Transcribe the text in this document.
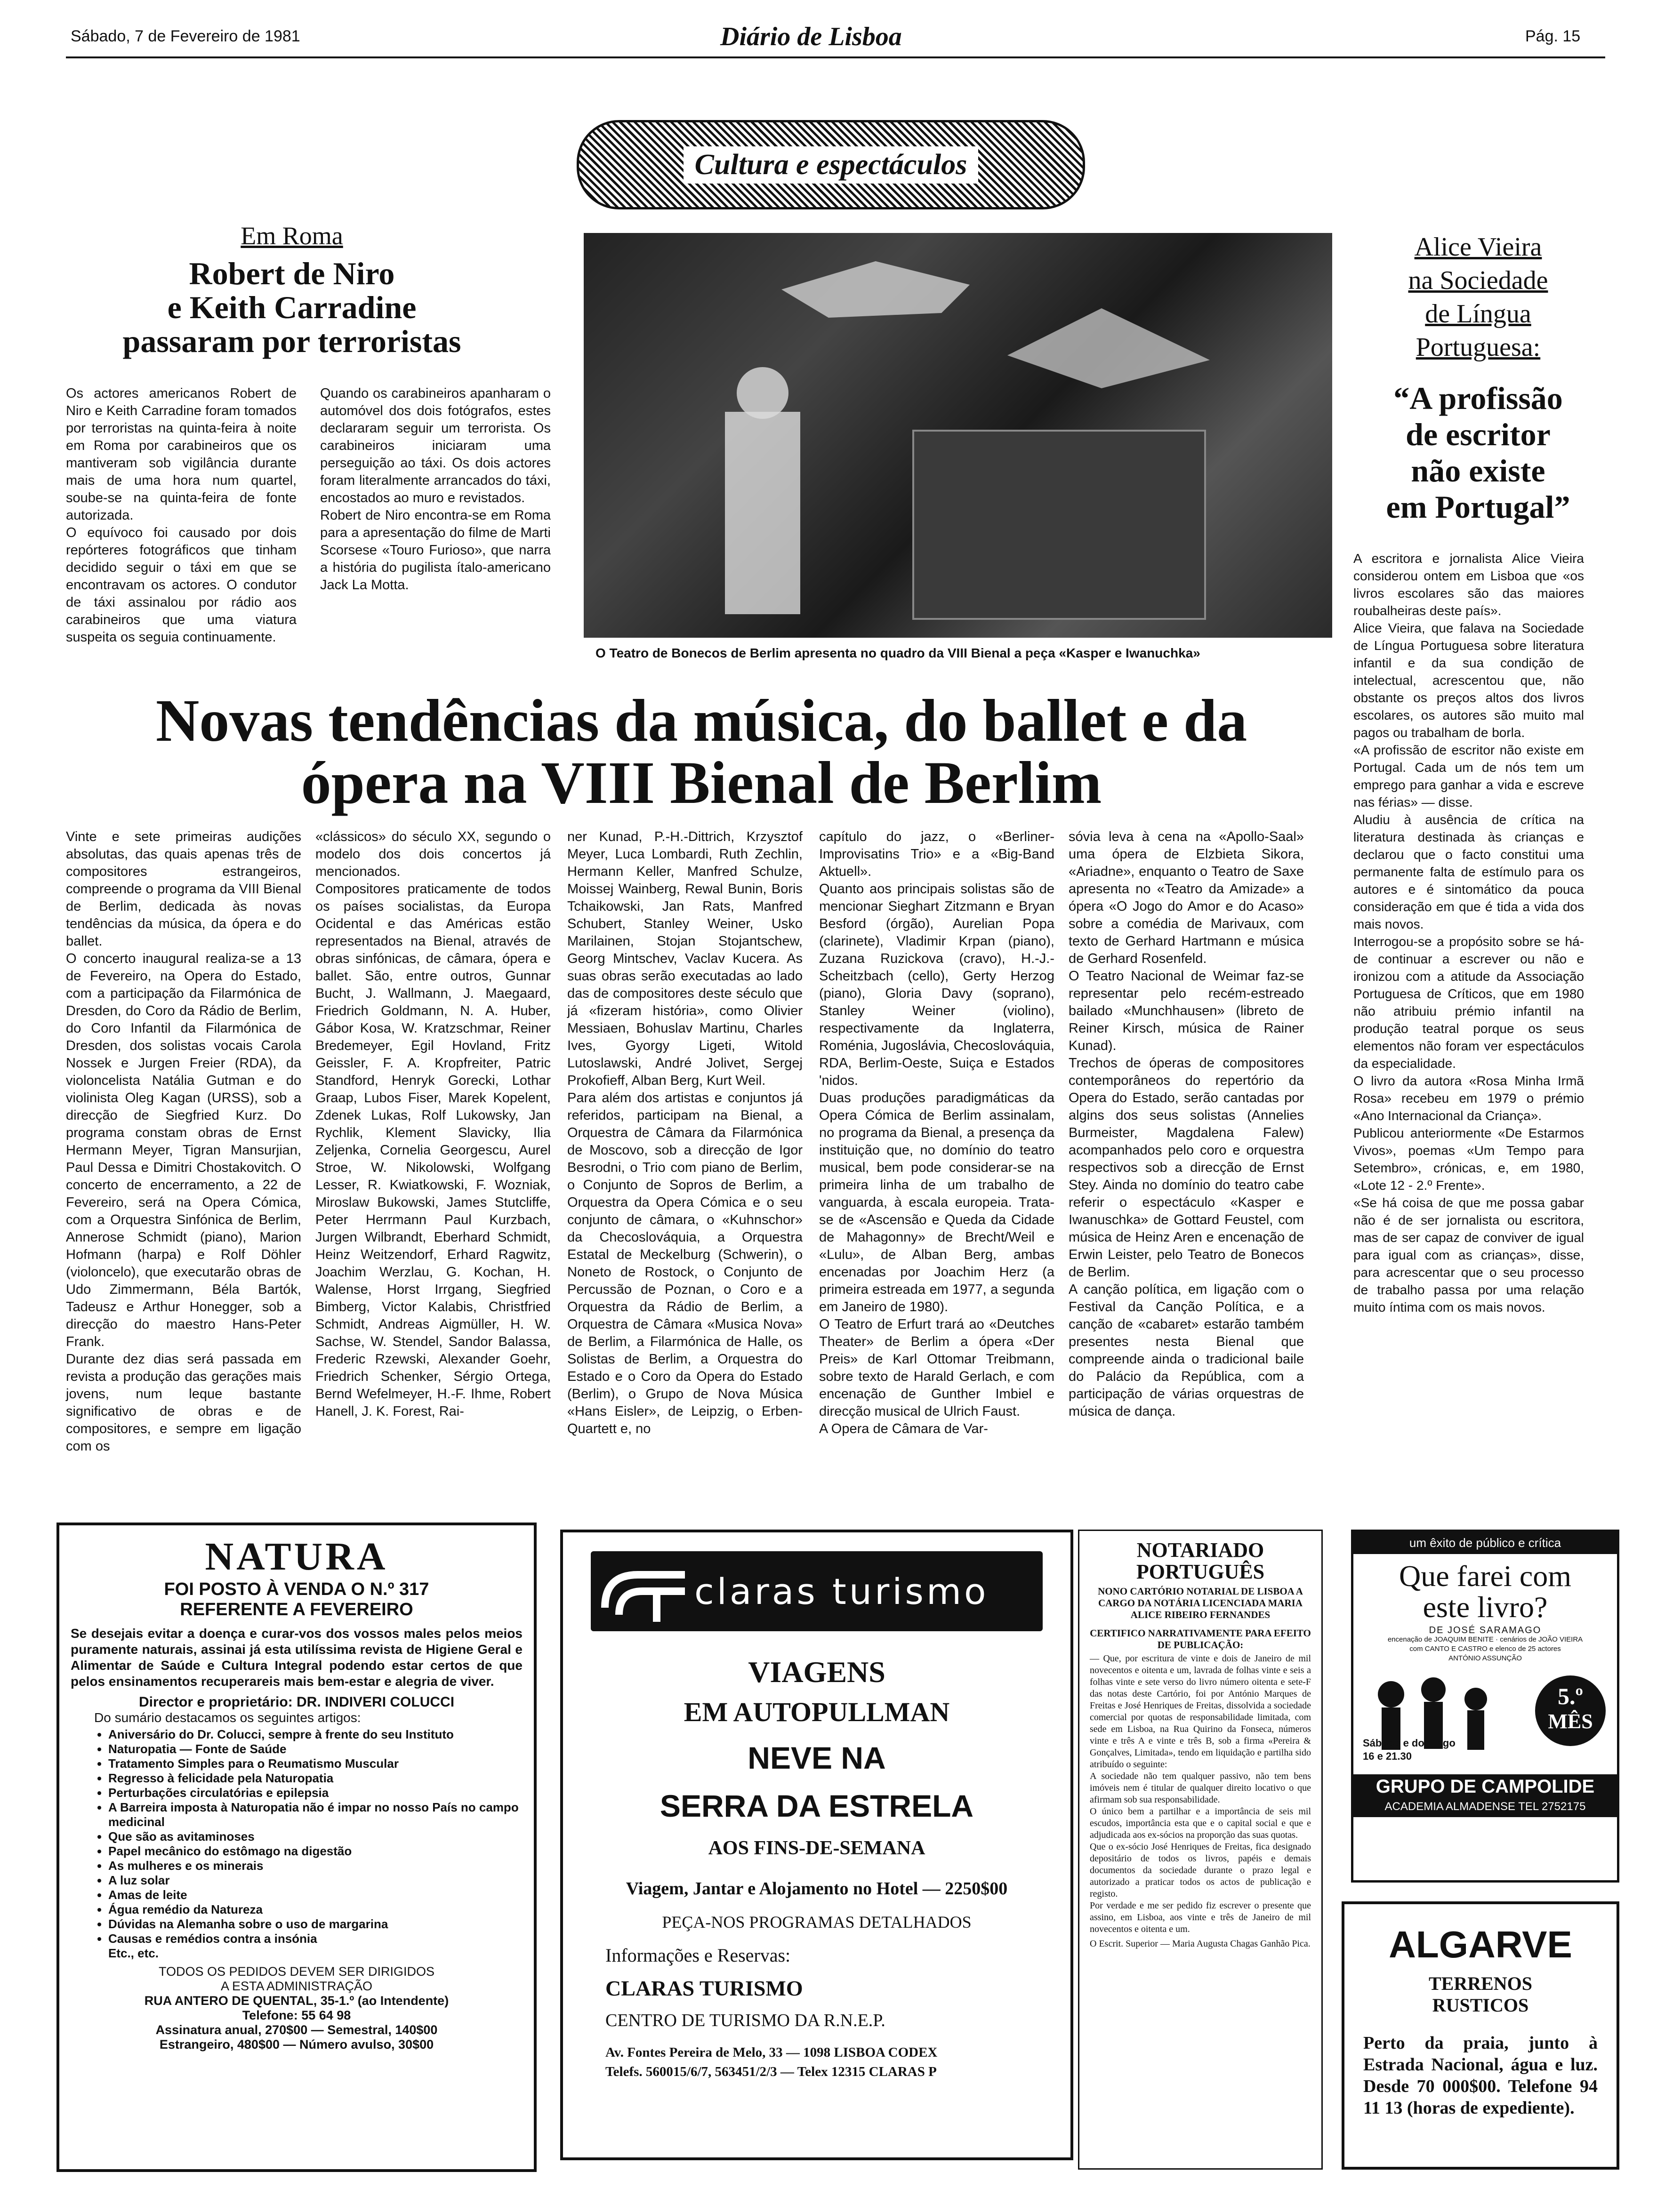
Sábado, 7 de Fevereiro de 1981	Diário de Lisboa	Pág. 15
Cultura e espectáculos
Em Roma
Robert de Niro
e Keith Carradine
passaram por terroristas

Os actores americanos Robert de Niro e Keith Carradine foram tomados por terroristas na quinta-feira à noite em Roma por carabineiros que os mantiveram sob vigilância durante mais de uma hora num quartel, soube-se na quinta-feira de fonte autorizada.
O equívoco foi causado por dois repórteres fotográficos que tinham decidido seguir o táxi em que se encontravam os actores. O condutor de táxi assinalou por rádio aos carabineiros que uma viatura suspeita os seguia continuamente.

Quando os carabineiros apanharam o automóvel dos dois fotógrafos, estes declararam seguir um terrorista. Os carabineiros iniciaram uma perseguição ao táxi. Os dois actores foram literalmente arrancados do táxi, encostados ao muro e revistados.
Robert de Niro encontra-se em Roma para a apresentação do filme de Marti Scorsese «Touro Furioso», que narra a história do pugilista ítalo-americano Jack La Motta.

O Teatro de Bonecos de Berlim apresenta no quadro da VIII Bienal a peça «Kasper e Iwanuchka»
Alice Vieira
na Sociedade
de Língua
Portuguesa:
“A profissão
de escritor
não existe
em Portugal”

A escritora e jornalista Alice Vieira considerou ontem em Lisboa que «os livros escolares são das maiores roubalheiras deste país».
Alice Vieira, que falava na Sociedade de Língua Portuguesa sobre literatura infantil e da sua condição de intelectual, acrescentou que, não obstante os preços altos dos livros escolares, os autores são muito mal pagos ou trabalham de borla.
«A profissão de escritor não existe em Portugal. Cada um de nós tem um emprego para ganhar a vida e escreve nas férias» — disse.
Aludiu à ausência de crítica na literatura destinada às crianças e declarou que o facto constitui uma permanente falta de estímulo para os autores e é sintomático da pouca consideração em que é tida a vida dos mais novos.
Interrogou-se a propósito sobre se há-de continuar a escrever ou não e ironizou com a atitude da Associação Portuguesa de Críticos, que em 1980 não atribuiu prémio infantil na produção teatral porque os seus elementos não foram ver espectáculos da especialidade.
O livro da autora «Rosa Minha Irmã Rosa» recebeu em 1979 o prémio «Ano Internacional da Criança».
Publicou anteriormente «De Estarmos Vivos», poemas «Um Tempo para Setembro», crónicas, e, em 1980, «Lote 12 - 2.º Frente».
«Se há coisa de que me possa gabar não é de ser jornalista ou escritora, mas de ser capaz de conviver de igual para igual com as crianças», disse, para acrescentar que o seu processo de trabalho passa por uma relação muito íntima com os mais novos.

Novas tendências da música, do ballet e da
ópera na VIII Bienal de Berlim

Vinte e sete primeiras audições absolutas, das quais apenas três de compositores estrangeiros, compreende o programa da VIII Bienal de Berlim, dedicada às novas tendências da música, da ópera e do ballet.
O concerto inaugural realiza-se a 13 de Fevereiro, na Opera do Estado, com a participação da Filarmónica de Dresden, do Coro da Rádio de Berlim, do Coro Infantil da Filarmónica de Dresden, dos solistas vocais Carola Nossek e Jurgen Freier (RDA), da violoncelista Natália Gutman e do violinista Oleg Kagan (URSS), sob a direcção de Siegfried Kurz. Do programa constam obras de Ernst Hermann Meyer, Tigran Mansurjian, Paul Dessa e Dimitri Chostakovitch. O concerto de encerramento, a 22 de Fevereiro, será na Opera Cómica, com a Orquestra Sinfónica de Berlim, Annerose Schmidt (piano), Marion Hofmann (harpa) e Rolf Döhler (violoncelo), que executarão obras de Udo Zimmermann, Béla Bartók, Tadeusz e Arthur Honegger, sob a direcção do maestro Hans-Peter Frank.
Durante dez dias será passada em revista a produção das gerações mais jovens, num leque bastante significativo de obras e de compositores, e sempre em ligação com os

«clássicos» do século XX, segundo o modelo dos dois concertos já mencionados.
Compositores praticamente de todos os países socialistas, da Europa Ocidental e das Américas estão representados na Bienal, através de obras sinfónicas, de câmara, ópera e ballet. São, entre outros, Gunnar Bucht, J. Wallmann, J. Maegaard, Friedrich Goldmann, N. A. Huber, Gábor Kosa, W. Kratzschmar, Reiner Bredemeyer, Egil Hovland, Fritz Geissler, F. A. Kropfreiter, Patric Standford, Henryk Gorecki, Lothar Graap, Lubos Fiser, Marek Kopelent, Zdenek Lukas, Rolf Lukowsky, Jan Rychlik, Klement Slavicky, Ilia Zeljenka, Cornelia Georgescu, Aurel Stroe, W. Nikolowski, Wolfgang Lesser, R. Kwiatkowski, F. Wozniak, Miroslaw Bukowski, James Stutcliffe, Peter Herrmann Paul Kurzbach, Jurgen Wilbrandt, Eberhard Schmidt, Heinz Weitzendorf, Erhard Ragwitz, Joachim Werzlau, G. Kochan, H. Walense, Horst Irrgang, Siegfried Bimberg, Victor Kalabis, Christfried Schmidt, Andreas Aigmüller, H. W. Sachse, W. Stendel, Sandor Balassa, Frederic Rzewski, Alexander Goehr, Friedrich Schenker, Sérgio Ortega, Bernd Wefelmeyer, H.-F. Ihme, Robert Hanell, J. K. Forest, Rai-

ner Kunad, P.-H.-Dittrich, Krzysztof Meyer, Luca Lombardi, Ruth Zechlin, Hermann Keller, Manfred Schulze, Moissej Wainberg, Rewal Bunin, Boris Tchaikowski, Jan Rats, Manfred Schubert, Stanley Weiner, Usko Marilainen, Stojan Stojantschew, Georg Mintschev, Vaclav Kucera. As suas obras serão executadas ao lado das de compositores deste século que já «fizeram história», como Olivier Messiaen, Bohuslav Martinu, Charles Ives, Gyorgy Ligeti, Witold Lutoslawski, André Jolivet, Sergej Prokofieff, Alban Berg, Kurt Weil.
Para além dos artistas e conjuntos já referidos, participam na Bienal, a Orquestra de Câmara da Filarmónica de Moscovo, sob a direcção de Igor Besrodni, o Trio com piano de Berlim, o Conjunto de Sopros de Berlim, a Orquestra da Opera Cómica e o seu conjunto de câmara, o «Kuhnschor» da Checoslováquia, a Orquestra Estatal de Meckelburg (Schwerin), o Noneto de Rostock, o Conjunto de Percussão de Poznan, o Coro e a Orquestra da Rádio de Berlim, a Orquestra de Câmara «Musica Nova» de Berlim, a Filarmónica de Halle, os Solistas de Berlim, a Orquestra do Estado e o Coro da Opera do Estado (Berlim), o Grupo de Nova Música «Hans Eisler», de Leipzig, o Erben-Quartett e, no

capítulo do jazz, o «Berliner-Improvisatins Trio» e a «Big-Band Aktuell».
Quanto aos principais solistas são de mencionar Sieghart Zitzmann e Bryan Besford (órgão), Aurelian Popa (clarinete), Vladimir Krpan (piano), Zuzana Ruzickova (cravo), H.-J.-Scheitzbach (cello), Gerty Herzog (piano), Gloria Davy (soprano), Stanley Weiner (violino), respectivamente da Inglaterra, Roménia, Jugoslávia, Checoslováquia, RDA, Berlim-Oeste, Suiça e Estados 'nidos.
Duas produções paradigmáticas da Opera Cómica de Berlim assinalam, no programa da Bienal, a presença da instituição que, no domínio do teatro musical, bem pode considerar-se na primeira linha de um trabalho de vanguarda, à escala europeia. Trata-se de «Ascensão e Queda da Cidade de Mahagonny» de Brecht/Weil e «Lulu», de Alban Berg, ambas encenadas por Joachim Herz (a primeira estreada em 1977, a segunda em Janeiro de 1980).
O Teatro de Erfurt trará ao «Deutches Theater» de Berlim a ópera «Der Preis» de Karl Ottomar Treibmann, sobre texto de Harald Gerlach, e com encenação de Gunther Imbiel e direcção musical de Ulrich Faust.
A Opera de Câmara de Var-

sóvia leva à cena na «Apollo-Saal» uma ópera de Elzbieta Sikora, «Ariadne», enquanto o Teatro de Saxe apresenta no «Teatro da Amizade» a ópera «O Jogo do Amor e do Acaso» sobre a comédia de Marivaux, com texto de Gerhard Hartmann e música de Gerhard Rosenfeld.
O Teatro Nacional de Weimar faz-se representar pelo recém-estreado bailado «Munchhausen» (libreto de Reiner Kirsch, música de Rainer Kunad).
Trechos de óperas de compositores contemporâneos do repertório da Opera do Estado, serão cantadas por algins dos seus solistas (Annelies Burmeister, Magdalena Falew) acompanhados pelo coro e orquestra respectivos sob a direcção de Ernst Stey. Ainda no domínio do teatro cabe referir o espectáculo «Kasper e Iwanuschka» de Gottard Feustel, com música de Heinz Aren e encenação de Erwin Leister, pelo Teatro de Bonecos de Berlim.
A canção política, em ligação com o Festival da Canção Política, e a canção de «cabaret» estarão também presentes nesta Bienal que compreende ainda o tradicional baile do Palácio da República, com a participação de várias orquestras de música de dança.

NATURA
FOI POSTO À VENDA O N.º 317
REFERENTE A FEVEREIRO

Se desejais evitar a doença e curar-vos dos vossos males pelos meios puramente naturais, assinai já esta utilíssima revista de Higiene Geral e Alimentar de Saúde e Cultura Integral podendo estar certos de que pelos ensinamentos recuperareis mais bem-estar e alegria de viver.

Director e proprietário: DR. INDIVERI COLUCCI
Do sumário destacamos os seguintes artigos:
• Aniversário do Dr. Colucci, sempre à frente do seu Instituto
• Naturopatia — Fonte de Saúde
• Tratamento Simples para o Reumatismo Muscular
• Regresso à felicidade pela Naturopatia
• Perturbações circulatórias e epilepsia
• A Barreira imposta à Naturopatia não é impar no nosso País no campo medicinal
• Que são as avitaminoses
• Papel mecânico do estômago na digestão
• As mulheres e os minerais
• A luz solar
• Amas de leite
• Água remédio da Natureza
• Dúvidas na Alemanha sobre o uso de margarina
• Causas e remédios contra a insónia
Etc., etc.
TODOS OS PEDIDOS DEVEM SER DIRIGIDOS
A ESTA ADMINISTRAÇÃO
RUA ANTERO DE QUENTAL, 35-1.º (ao Intendente)
Telefone: 55 64 98
Assinatura anual, 270$00 — Semestral, 140$00
Estrangeiro, 480$00 — Número avulso, 30$00
claras turismo
VIAGENS
EM AUTOPULLMAN
NEVE NA
SERRA DA ESTRELA
AOS FINS-DE-SEMANA
Viagem, Jantar e Alojamento no Hotel — 2250$00
PEÇA-NOS PROGRAMAS DETALHADOS
Informações e Reservas:
CLARAS TURISMO
CENTRO DE TURISMO DA R.N.E.P.
Av. Fontes Pereira de Melo, 33 — 1098 LISBOA CODEX
Telefs. 560015/6/7, 563451/2/3 — Telex 12315 CLARAS P
NOTARIADO
PORTUGUÊS
NONO CARTÓRIO NOTARIAL DE LISBOA A CARGO DA NOTÁRIA LICENCIADA MARIA ALICE RIBEIRO FERNANDES
CERTIFICO NARRATIVAMENTE PARA EFEITO DE PUBLICAÇÃO:

— Que, por escritura de vinte e dois de Janeiro de mil novecentos e oitenta e um, lavrada de folhas vinte e seis a folhas vinte e sete verso do livro número oitenta e sete-F das notas deste Cartório, foi por António Marques de Freitas e José Henriques de Freitas, dissolvida a sociedade comercial por quotas de responsabilidade limitada, com sede em Lisboa, na Rua Quirino da Fonseca, números vinte e três A e vinte e três B, sob a firma «Pereira & Gonçalves, Limitada», tendo em liquidação e partilha sido atribuído o seguinte:
A sociedade não tem qualquer passivo, não tem bens imóveis nem é titular de qualquer direito locativo o que afirmam sob sua responsabilidade.
O único bem a partilhar e a importância de seis mil escudos, importância esta que e o capital social e que e adjudicada aos ex-sócios na proporção das suas quotas.
Que o ex-sócio José Henriques de Freitas, fica designado depositário de todos os livros, papéis e demais documentos da sociedade durante o prazo legal e autorizado a praticar todos os actos de publicação e registo.
Por verdade e me ser pedido fiz escrever o presente que assino, em Lisboa, aos vinte e três de Janeiro de mil novecentos e oitenta e um.

O Escrit. Superior — Maria Augusta Chagas Ganhão Pica.
um êxito de público e crítica
Que farei com
este livro?
DE JOSÉ SARAMAGO
encenação de JOAQUIM BENITE · cenários de JOÃO VIEIRA
com CANTO E CASTRO e elenco de 25 actores
ANTÓNIO ASSUNÇÃO
5.º
MÊS
Sábado e domingo
16 e 21.30
GRUPO DE CAMPOLIDE
ACADEMIA ALMADENSE TEL 2752175
ALGARVE
TERRENOS
RUSTICOS

Perto da praia, junto à Estrada Nacional, água e luz. Desde 70 000$00. Telefone 94 11 13 (horas de expediente).
